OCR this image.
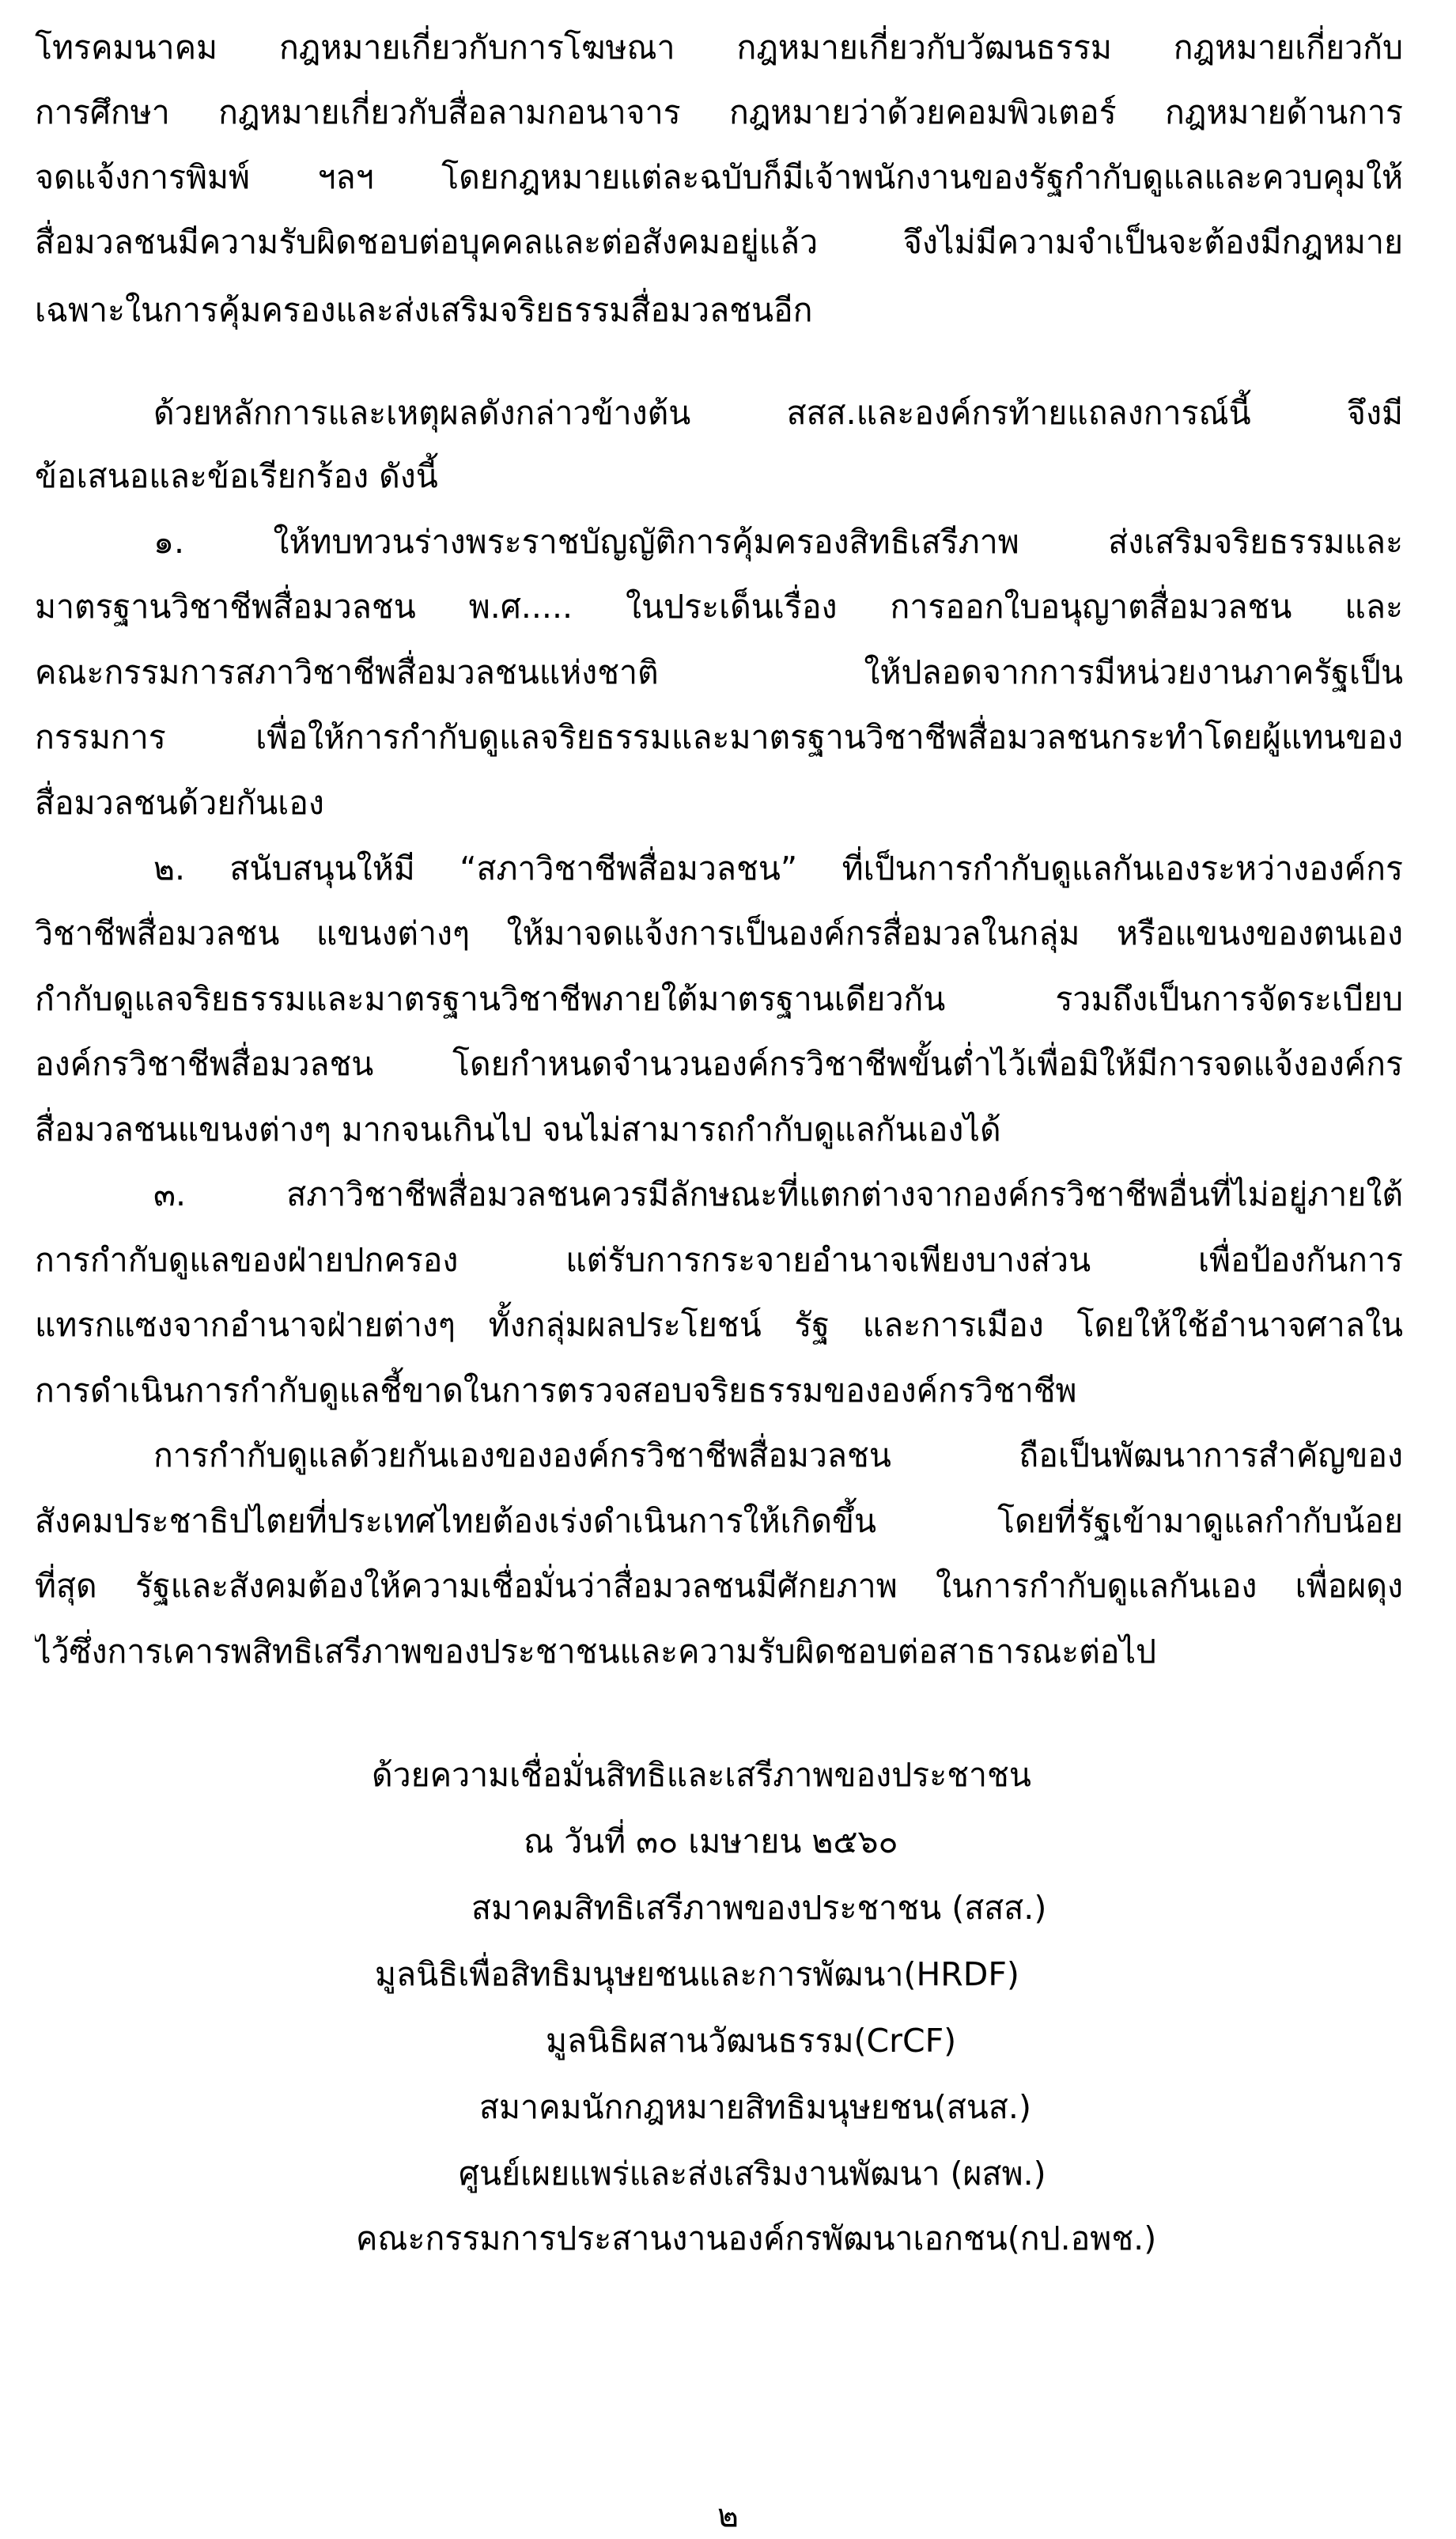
โทรคมนาคม กฎหมายเกี่ยวกับการโฆษณา กฎหมายเกี่ยวกับวัฒนธรรม กฎหมายเกี่ยวกับ
การศึกษา กฎหมายเกี่ยวกับสื่อลามกอนาจาร กฎหมายว่าด้วยคอมพิวเตอร์ กฎหมายด้านการ
จดแจ้งการพิมพ์ ฯลฯ โดยกฎหมายแต่ละฉบับก็มีเจ้าพนักงานของรัฐกำกับดูแลและควบคุมให้
สื่อมวลชนมีความรับผิดชอบต่อบุคคลและต่อสังคมอยู่แล้ว จึงไม่มีความจำเป็นจะต้องมีกฎหมาย
เฉพาะในการคุ้มครองและส่งเสริมจริยธรรมสื่อมวลชนอีก
ด้วยหลักการและเหตุผลดังกล่าวข้างต้น สสส.และองค์กรท้ายแถลงการณ์นี้ จึงมี
ข้อเสนอและข้อเรียกร้อง ดังนี้
๑. ให้ทบทวนร่างพระราชบัญญัติการคุ้มครองสิทธิเสรีภาพ ส่งเสริมจริยธรรมและ
มาตรฐานวิชาชีพสื่อมวลชน พ.ศ..... ในประเด็นเรื่อง การออกใบอนุญาตสื่อมวลชน และ
คณะกรรมการสภาวิชาชีพสื่อมวลชนแห่งชาติ ให้ปลอดจากการมีหน่วยงานภาครัฐเป็น
กรรมการ เพื่อให้การกำกับดูแลจริยธรรมและมาตรฐานวิชาชีพสื่อมวลชนกระทำโดยผู้แทนของ
สื่อมวลชนด้วยกันเอง
๒. สนับสนุนให้มี “สภาวิชาชีพสื่อมวลชน” ที่เป็นการกำกับดูแลกันเองระหว่างองค์กร
วิชาชีพสื่อมวลชน แขนงต่างๆ ให้มาจดแจ้งการเป็นองค์กรสื่อมวลในกลุ่ม หรือแขนงของตนเอง
กำกับดูแลจริยธรรมและมาตรฐานวิชาชีพภายใต้มาตรฐานเดียวกัน รวมถึงเป็นการจัดระเบียบ
องค์กรวิชาชีพสื่อมวลชน โดยกำหนดจำนวนองค์กรวิชาชีพขั้นต่ำไว้เพื่อมิให้มีการจดแจ้งองค์กร
สื่อมวลชนแขนงต่างๆ มากจนเกินไป จนไม่สามารถกำกับดูแลกันเองได้
๓. สภาวิชาชีพสื่อมวลชนควรมีลักษณะที่แตกต่างจากองค์กรวิชาชีพอื่นที่ไม่อยู่ภายใต้
การกำกับดูแลของฝ่ายปกครอง แต่รับการกระจายอำนาจเพียงบางส่วน เพื่อป้องกันการ
แทรกแซงจากอำนาจฝ่ายต่างๆ ทั้งกลุ่มผลประโยชน์ รัฐ และการเมือง โดยให้ใช้อำนาจศาลใน
การดำเนินการกำกับดูแลชี้ขาดในการตรวจสอบจริยธรรมขององค์กรวิชาชีพ
การกำกับดูแลด้วยกันเองขององค์กรวิชาชีพสื่อมวลชน ถือเป็นพัฒนาการสำคัญของ
สังคมประชาธิปไตยที่ประเทศไทยต้องเร่งดำเนินการให้เกิดขึ้น โดยที่รัฐเข้ามาดูแลกำกับน้อย
ที่สุด รัฐและสังคมต้องให้ความเชื่อมั่นว่าสื่อมวลชนมีศักยภาพ ในการกำกับดูแลกันเอง เพื่อผดุง
ไว้ซึ่งการเคารพสิทธิเสรีภาพของประชาชนและความรับผิดชอบต่อสาธารณะต่อไป
ด้วยความเชื่อมั่นสิทธิและเสรีภาพของประชาชน
ณ วันที่ ๓๐ เมษายน ๒๕๖๐
สมาคมสิทธิเสรีภาพของประชาชน (สสส.)
มูลนิธิเพื่อสิทธิมนุษยชนและการพัฒนา(HRDF)
มูลนิธิผสานวัฒนธรรม(CrCF)
สมาคมนักกฎหมายสิทธิมนุษยชน(สนส.)
ศูนย์เผยแพร่และส่งเสริมงานพัฒนา (ผสพ.)
คณะกรรมการประสานงานองค์กรพัฒนาเอกชน(กป.อพช.)
๒
